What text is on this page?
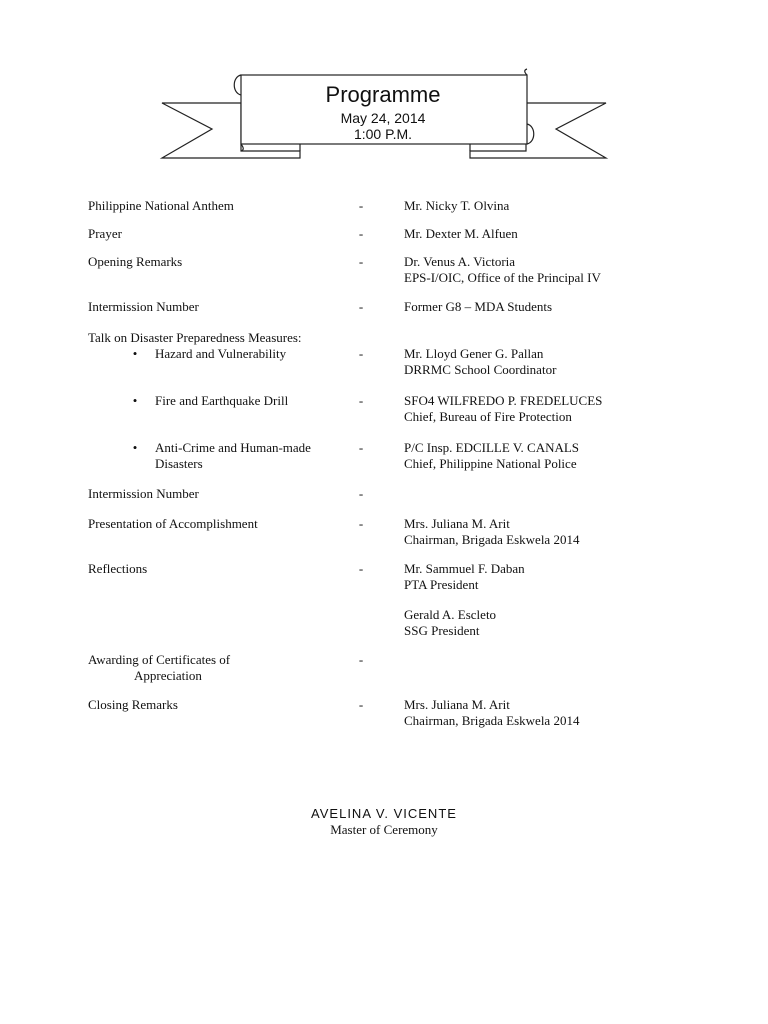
Programme
May 24, 2014
1:00 P.M.
Philippine National Anthem	-	Mr. Nicky T. Olvina
Prayer	-	Mr. Dexter M. Alfuen
Opening Remarks	-	Dr. Venus A. Victoria
EPS-I/OIC, Office of the Principal IV
Intermission Number	-	Former G8 – MDA Students
Talk on Disaster Preparedness Measures:
• Hazard and Vulnerability	-	Mr. Lloyd Gener G. Pallan
DRRMC School Coordinator
• Fire and Earthquake Drill	-	SFO4 WILFREDO P. FREDELUCES
Chief, Bureau of Fire Protection
• Anti-Crime and Human-made
Disasters
-	P/C Insp. EDCILLE V. CANALS
Chief, Philippine National Police
Intermission Number	-
Presentation of Accomplishment	-	Mrs. Juliana M. Arit
Chairman, Brigada Eskwela 2014
Reflections	-	Mr. Sammuel F. Daban
PTA President
Gerald A. Escleto
SSG President
Awarding of Certificates of
Appreciation
-
Closing Remarks	-	Mrs. Juliana M. Arit
Chairman, Brigada Eskwela 2014
AVELINA V. VICENTE
Master of Ceremony
